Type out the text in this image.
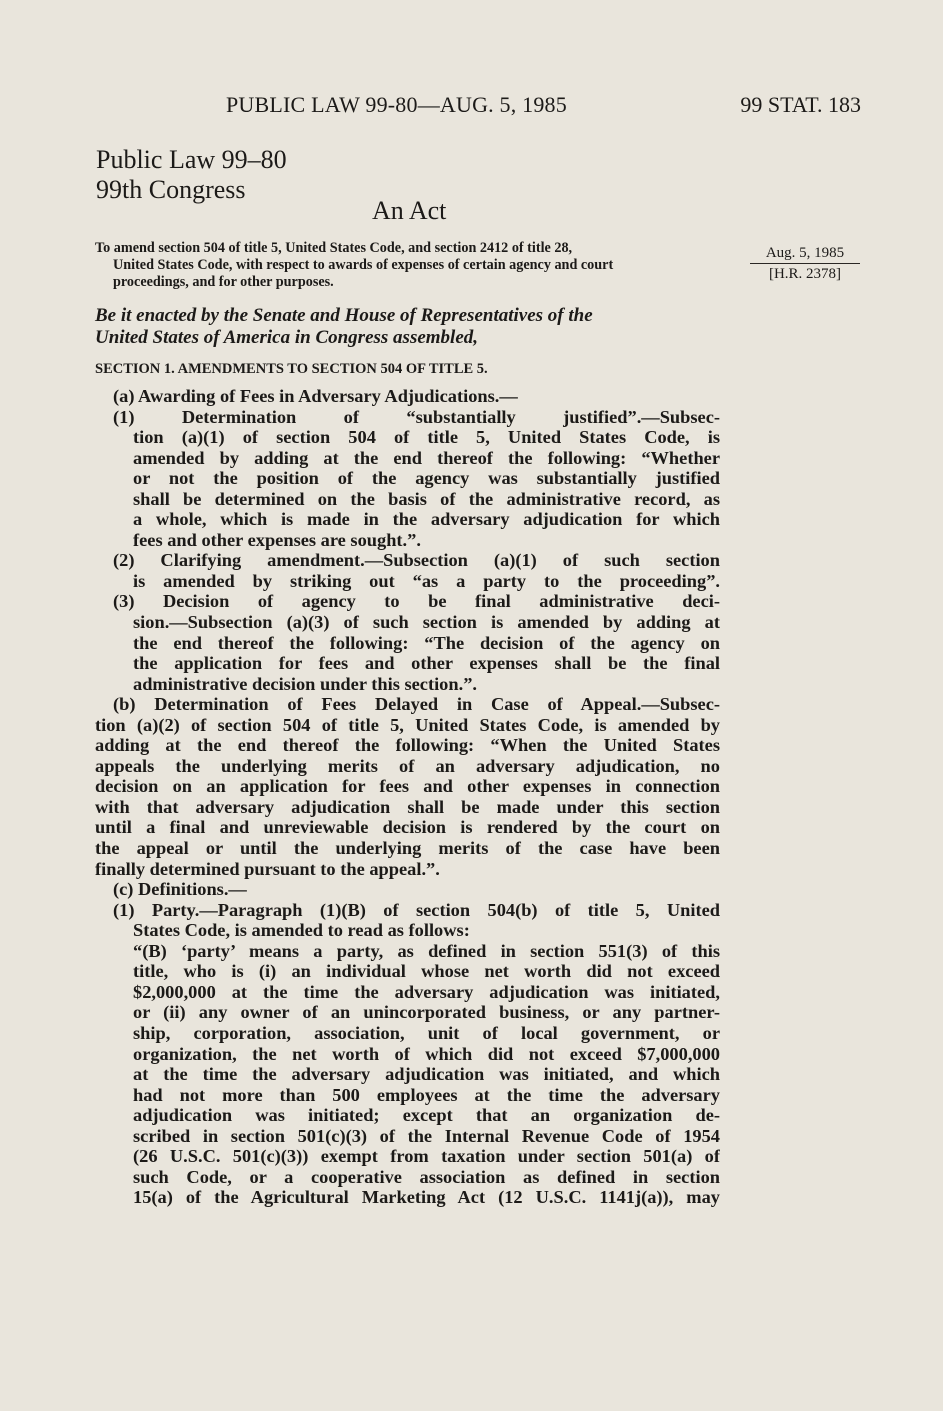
PUBLIC LAW 99-80—AUG. 5, 1985	99 STAT. 183
Public Law 99–80
99th Congress
An Act
To amend section 504 of title 5, United States Code, and section 2412 of title 28,
United States Code, with respect to awards of expenses of certain agency and court
proceedings, and for other purposes.
Aug. 5, 1985
[H.R. 2378]
Be it enacted by the Senate and House of Representatives of the
United States of America in Congress assembled,
SECTION 1. AMENDMENTS TO SECTION 504 OF TITLE 5.
(a) Awarding of Fees in Adversary Adjudications.—
(1) Determination of “substantially justified”.—Subsec-
tion (a)(1) of section 504 of title 5, United States Code, is
amended by adding at the end thereof the following: “Whether
or not the position of the agency was substantially justified
shall be determined on the basis of the administrative record, as
a whole, which is made in the adversary adjudication for which
fees and other expenses are sought.”.
(2) Clarifying amendment.—Subsection (a)(1) of such section
is amended by striking out “as a party to the proceeding”.
(3) Decision of agency to be final administrative deci-
sion.—Subsection (a)(3) of such section is amended by adding at
the end thereof the following: “The decision of the agency on
the application for fees and other expenses shall be the final
administrative decision under this section.”.
(b) Determination of Fees Delayed in Case of Appeal.—Subsec-
tion (a)(2) of section 504 of title 5, United States Code, is amended by
adding at the end thereof the following: “When the United States
appeals the underlying merits of an adversary adjudication, no
decision on an application for fees and other expenses in connection
with that adversary adjudication shall be made under this section
until a final and unreviewable decision is rendered by the court on
the appeal or until the underlying merits of the case have been
finally determined pursuant to the appeal.”.
(c) Definitions.—
(1) Party.—Paragraph (1)(B) of section 504(b) of title 5, United
States Code, is amended to read as follows:
“(B) ‘party’ means a party, as defined in section 551(3) of this
title, who is (i) an individual whose net worth did not exceed
$2,000,000 at the time the adversary adjudication was initiated,
or (ii) any owner of an unincorporated business, or any partner-
ship, corporation, association, unit of local government, or
organization, the net worth of which did not exceed $7,000,000
at the time the adversary adjudication was initiated, and which
had not more than 500 employees at the time the adversary
adjudication was initiated; except that an organization de-
scribed in section 501(c)(3) of the Internal Revenue Code of 1954
(26 U.S.C. 501(c)(3)) exempt from taxation under section 501(a) of
such Code, or a cooperative association as defined in section
15(a) of the Agricultural Marketing Act (12 U.S.C. 1141j(a)), may
